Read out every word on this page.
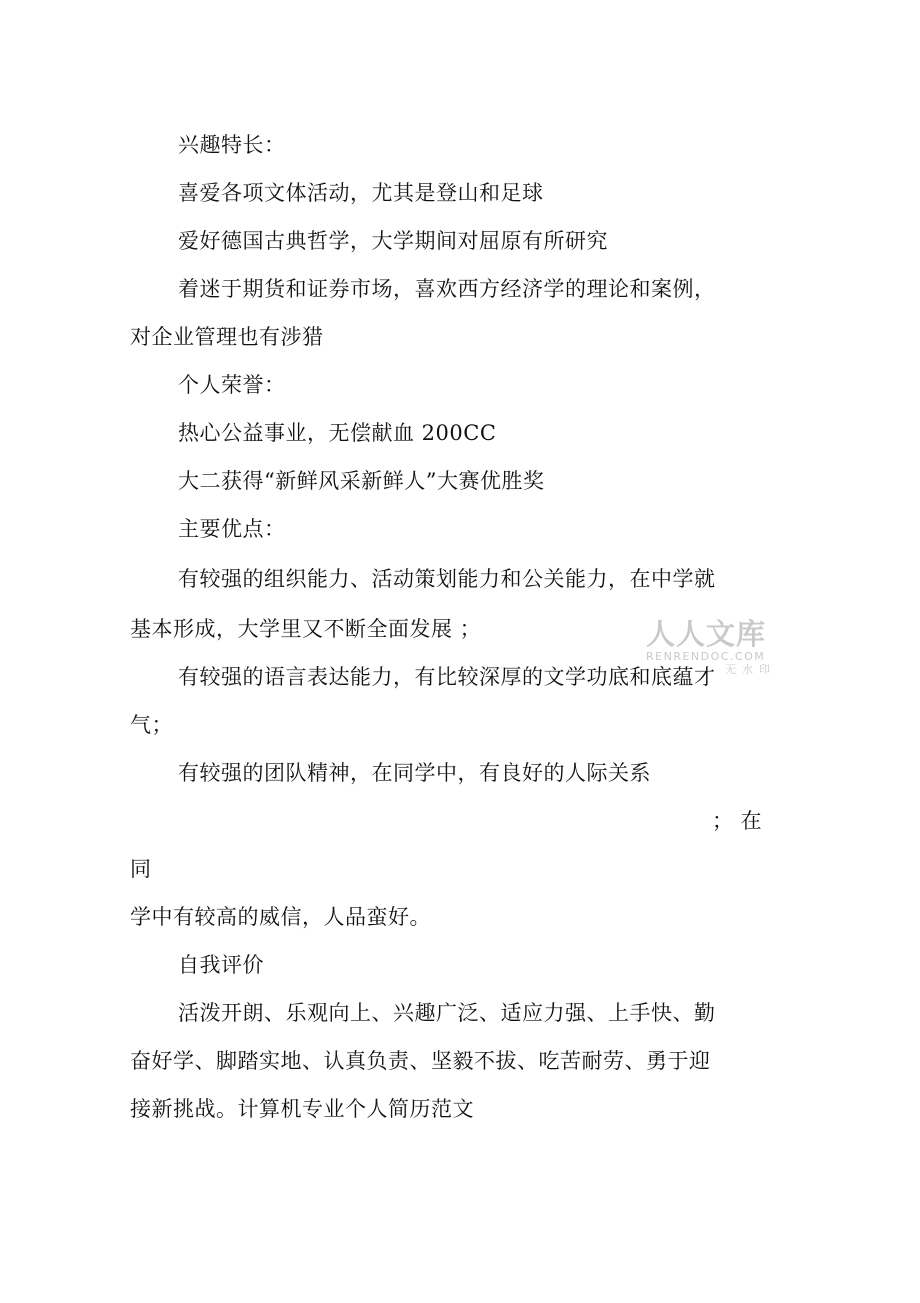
兴趣特长：
喜爱各项文体活动，尤其是登山和足球
爱好德国古典哲学，大学期间对屈原有所研究
着迷于期货和证券市场，喜欢西方经济学的理论和案例，
对企业管理也有涉猎
个人荣誉：
热心公益事业，无偿献血 200CC
大二获得“新鲜风采新鲜人”大赛优胜奖
主要优点：
有较强的组织能力、活动策划能力和公关能力，在中学就
基本形成，大学里又不断全面发展 ；
有较强的语言表达能力，有比较深厚的文学功底和底蕴才
气；
有较强的团队精神，在同学中，有良好的人际关系
； 在
同
学中有较高的威信，人品蛮好。
自我评价
活泼开朗、乐观向上、兴趣广泛、适应力强、上手快、勤
奋好学、脚踏实地、认真负责、坚毅不拔、吃苦耐劳、勇于迎
接新挑战。计算机专业个人简历范文
人人文库
RENRENDOC.COM
无水印
